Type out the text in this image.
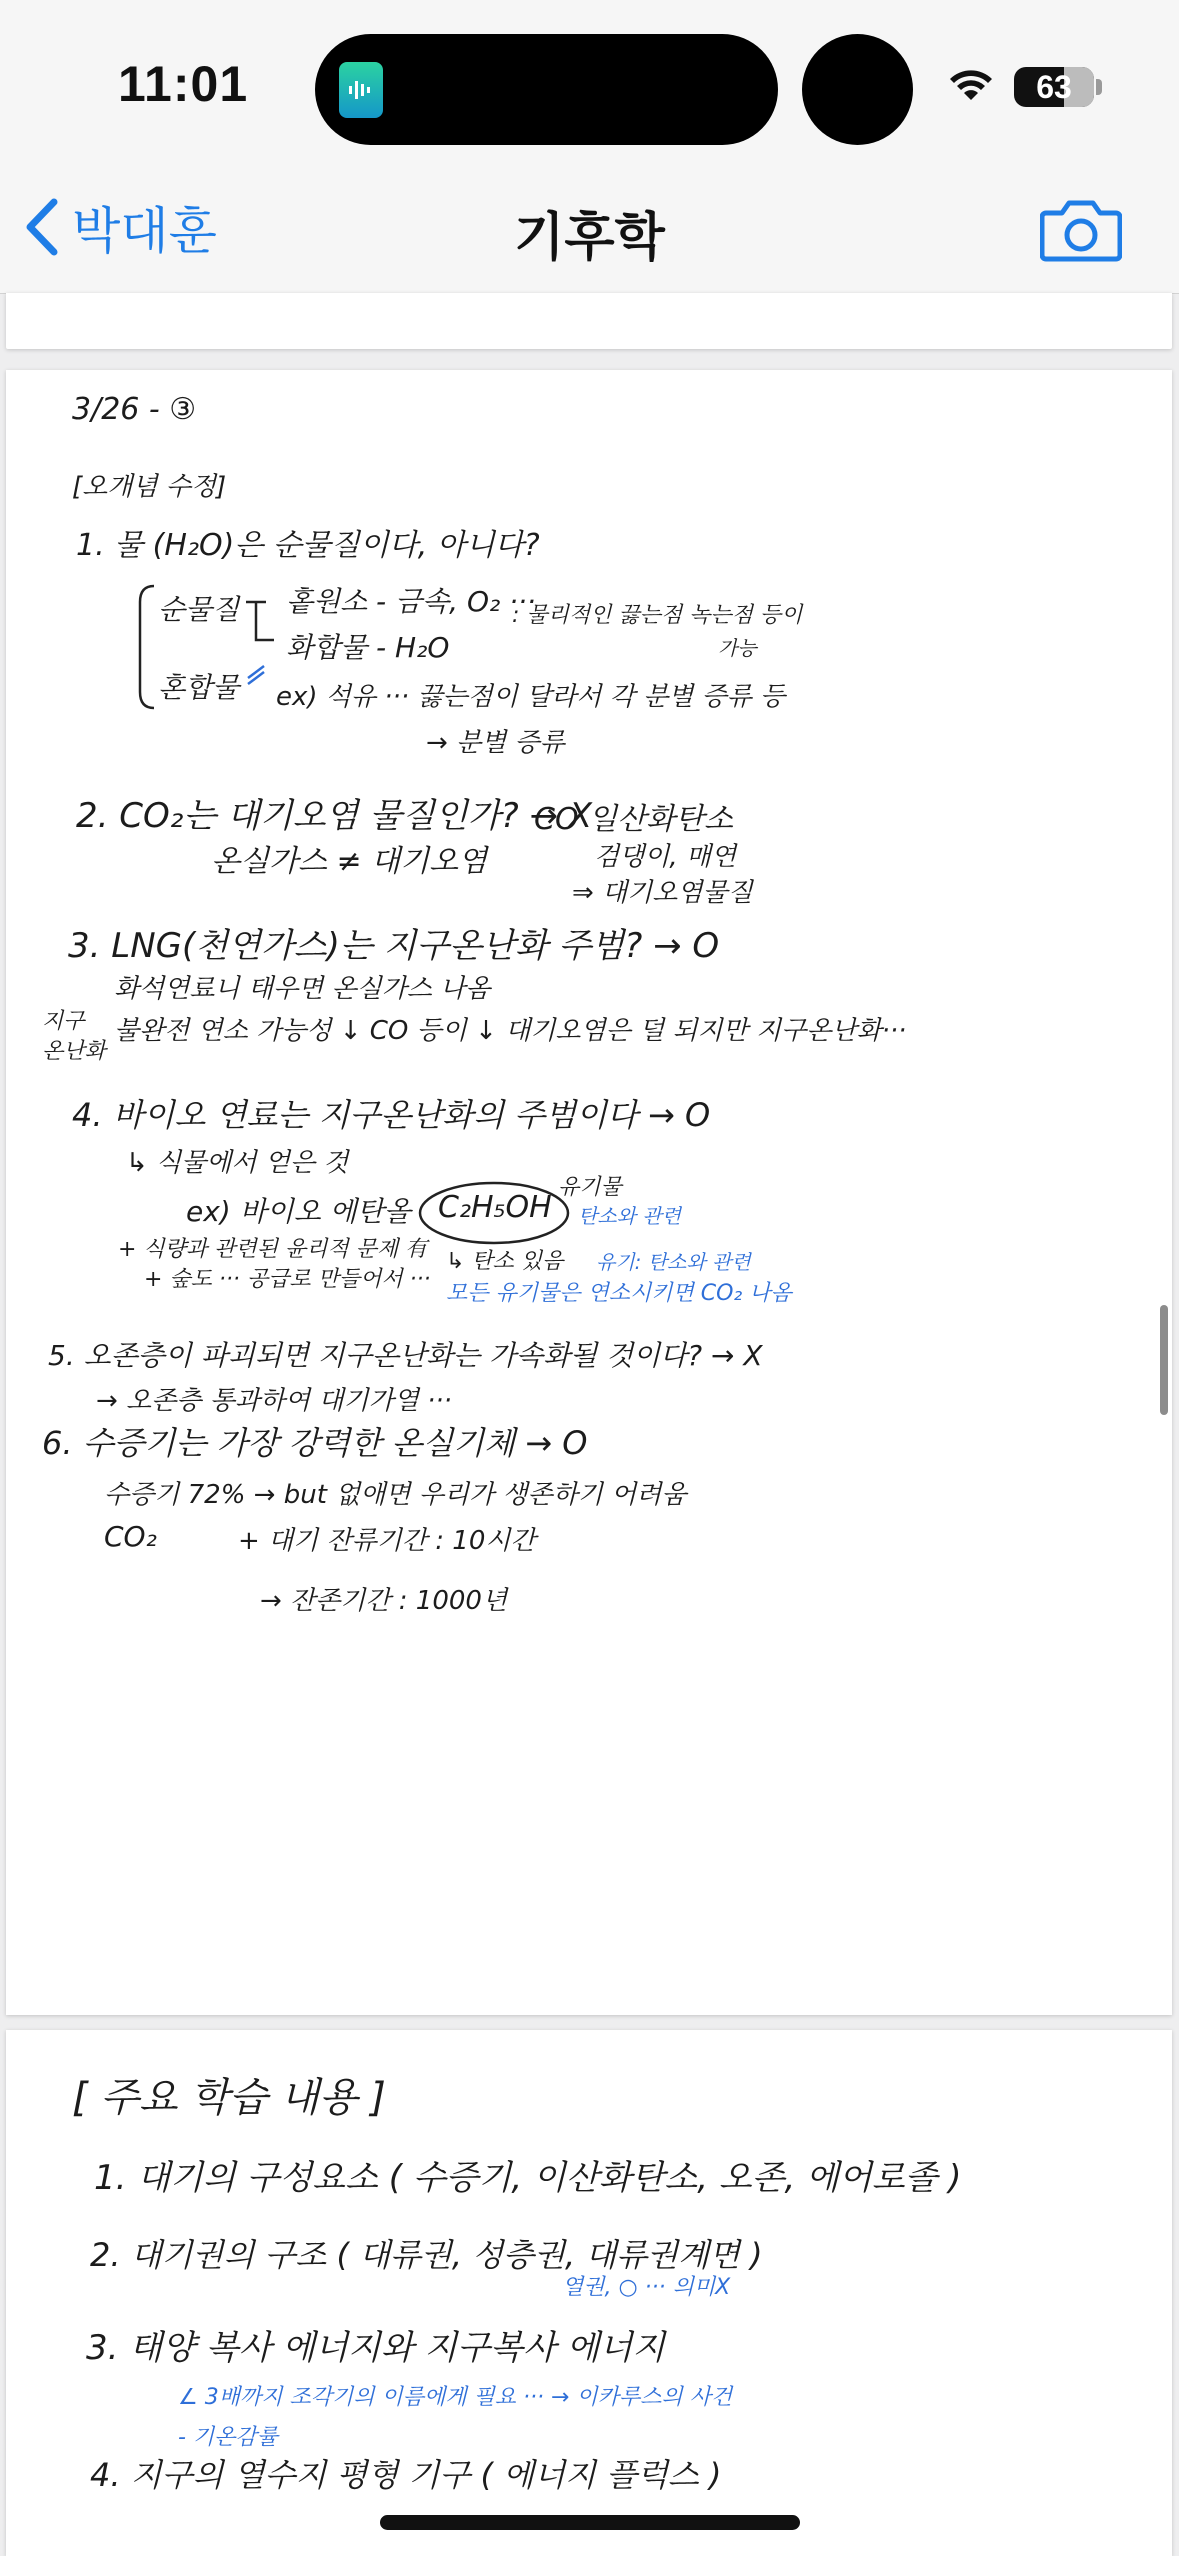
11:01	63
박대훈	기후학
3/26 - ③
[오개념 수정]
1. 물 (H₂O)은 순물질이다, 아니다?
순물질 홑원소 - 금속, O₂ ···
화합물 - H₂O
: 물리적인 끓는점 녹는점 등이
가능
혼합물 ex) 석유 ··· 끓는점이 달라서 각 분별 증류 등
→ 분별 증류
2. CO₂는 대기오염 물질인가? → X
온실가스 ≠ 대기오염
CO 일산화탄소
검댕이, 매연
⇒ 대기오염물질
3. LNG(천연가스)는 지구온난화 주범? → O
화석연료니 태우면 온실가스 나옴
지구
온난화
불완전 연소 가능성 ↓ CO 등이 ↓ 대기오염은 덜 되지만 지구온난화···
4. 바이오 연료는 지구온난화의 주범이다 → O
↳ 식물에서 얻은 것
ex) 바이오 에탄올 C₂H₅OH
유기물
탄소와 관련
유기: 탄소와 관련
+ 식량과 관련된 윤리적 문제 有
+ 숲도 ··· 공급로 만들어서 ···
↳ 탄소 있음
모든 유기물은 연소시키면 CO₂ 나옴
5. 오존층이 파괴되면 지구온난화는 가속화될 것이다? → X
→ 오존층 통과하여 대기가열 ···
6. 수증기는 가장 강력한 온실기체 → O
수증기 72% → but 없애면 우리가 생존하기 어려움
CO₂	+ 대기 잔류기간 : 10시간
→ 잔존기간 : 1000년
[ 주요 학습 내용 ]
1. 대기의 구성요소 ( 수증기, 이산화탄소, 오존, 에어로졸 )
2. 대기권의 구조 ( 대류권, 성층권, 대류권계면 )
열권, ○ ··· 의미X
3. 태양 복사 에너지와 지구복사 에너지
∠ 3배까지 조각기의 이름에게 필요 ··· → 이카루스의 사건
- 기온감률
4. 지구의 열수지 평형 기구 ( 에너지 플럭스 )
